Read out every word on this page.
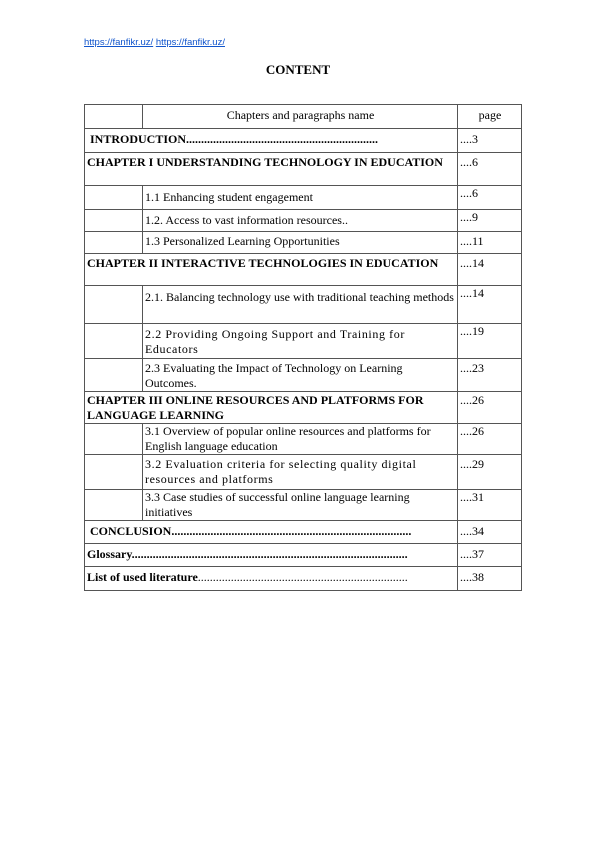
https://fanfikr.uz/ https://fanfikr.uz/
CONTENT
	Chapters and paragraphs name	page
INTRODUCTION................................................................		....3
CHAPTER I UNDERSTANDING TECHNOLOGY IN EDUCATION		....6
	1.1 Enhancing student engagement	....6
	1.2. Access to vast information resources..	....9
	1.3 Personalized Learning Opportunities	....11
CHAPTER II INTERACTIVE TECHNOLOGIES IN EDUCATION		....14
	2.1. Balancing technology use with traditional teaching methods	....14
	2.2 Providing Ongoing Support and Training for Educators	....19
	2.3 Evaluating the Impact of Technology on Learning Outcomes.	....23
CHAPTER III ONLINE RESOURCES AND PLATFORMS FOR LANGUAGE LEARNING		....26
	3.1 Overview of popular online resources and platforms for English language education	....26
	3.2 Evaluation criteria for selecting quality digital resources and platforms	....29
	3.3 Case studies of successful online language learning initiatives	....31
CONCLUSION................................................................................		....34
Glossary............................................................................................		....37
List of used literature......................................................................		....38
